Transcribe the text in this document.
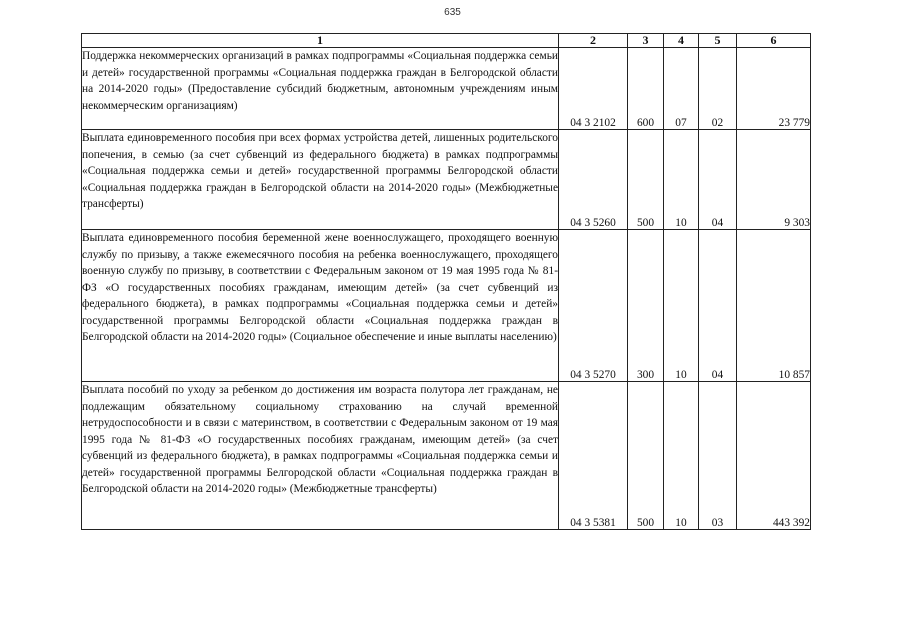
635
1	2	3	4	5	6
Поддержка некоммерческих организаций в рамках подпрограммы «Социальная поддержка семьи и детей» государственной программы «Социальная поддержка граждан в Белгородской области на 2014-2020 годы» (Предоставление субсидий бюджетным, автономным учреждениям иным некоммерческим организациям)	04 3 2102	600	07	02	23 779
Выплата единовременного пособия при всех формах устройства детей, лишенных родительского попечения, в семью (за счет субвенций из федерального бюджета) в рамках подпрограммы «Социальная поддержка семьи и детей» государственной программы Белгородской области «Социальная поддержка граждан в Белгородской области на 2014-2020 годы» (Межбюджетные трансферты)	04 3 5260	500	10	04	9 303
Выплата единовременного пособия беременной жене военнослужащего, проходящего военную службу по призыву, а также ежемесячного пособия на ребенка военнослужащего, проходящего военную службу по призыву, в соответствии с Федеральным законом от 19 мая 1995 года № 81-ФЗ «О государственных пособиях гражданам, имеющим детей» (за счет субвенций из федерального бюджета), в рамках подпрограммы «Социальная поддержка семьи и детей» государственной программы Белгородской области «Социальная поддержка граждан в Белгородской области на 2014-2020 годы» (Социальное обеспечение и иные выплаты населению)	04 3 5270	300	10	04	10 857
Выплата пособий по уходу за ребенком до достижения им возраста полутора лет гражданам, не подлежащим обязательному социальному страхованию на случай временной нетрудоспособности и в связи с материнством, в соответствии с Федеральным законом от 19 мая 1995 года № 81-ФЗ «О государственных пособиях гражданам, имеющим детей» (за счет субвенций из федерального бюджета), в рамках подпрограммы «Социальная поддержка семьи и детей» государственной программы Белгородской области «Социальная поддержка граждан в Белгородской области на 2014-2020 годы» (Межбюджетные трансферты)	04 3 5381	500	10	03	443 392
